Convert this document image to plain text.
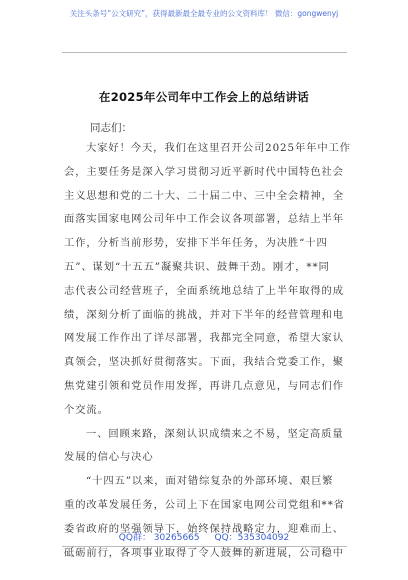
关注头条号“公文研究”，获得最新最全最专业的公文资料库！ 微信：gongwenyj
在2025年公司年中工作会上的总结讲话
同志们：
大家好！今天，我们在这里召开公司2025年年中工作
会，主要任务是深入学习贯彻习近平新时代中国特色社会
主义思想和党的二十大、二十届二中、三中全会精神，全
面落实国家电网公司年中工作会议各项部署，总结上半年
工作，分析当前形势，安排下半年任务，为决胜“十四
五”、谋划“十五五”凝聚共识、鼓舞干劲。刚才，**同
志代表公司经营班子，全面系统地总结了上半年取得的成
绩，深刻分析了面临的挑战，并对下半年的经营管理和电
网发展工作作出了详尽部署，我都完全同意，希望大家认
真领会，坚决抓好贯彻落实。下面，我结合党委工作，聚
焦党建引领和党员作用发挥，再讲几点意见，与同志们作
个交流。
一、回顾来路，深刻认识成绩来之不易，坚定高质量
发展的信心与决心
“十四五”以来，面对错综复杂的外部环境、艰巨繁
重的改革发展任务，公司上下在国家电网公司党组和**省
委省政府的坚强领导下，始终保持战略定力，迎难而上、
砥砺前行，各项事业取得了令人鼓舞的新进展，公司稳中
QQ群： 30265665 QQ：535304092
